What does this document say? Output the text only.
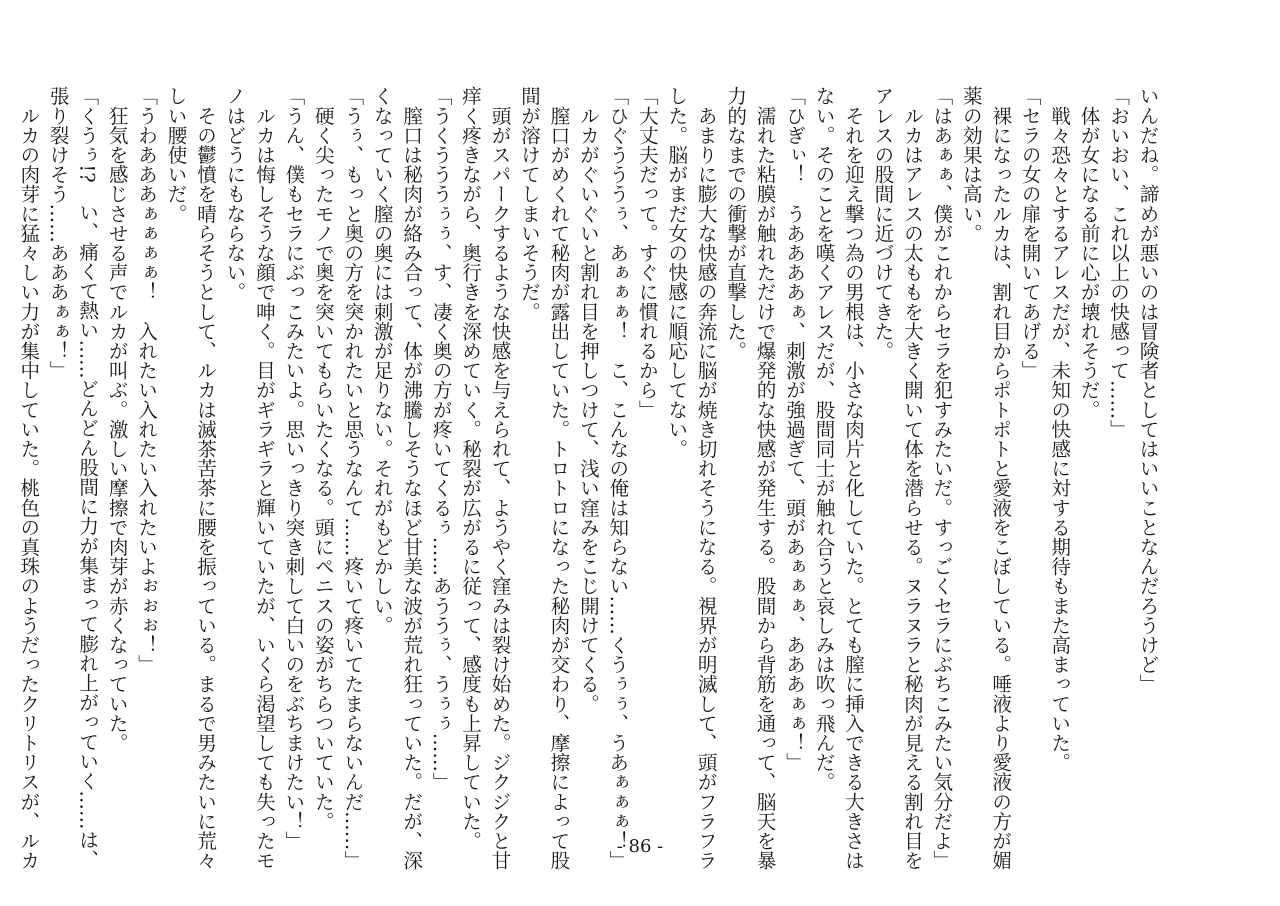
いんだね。諦めが悪いのは冒険者としてはいいことなんだろうけど」
「おいおい、これ以上の快感って……」
　体が女になる前に心が壊れそうだ。
　戦々恐々とするアレスだが、未知の快感に対する期待もまた高まっていた。
「セラの女の扉を開いてあげる」
　裸になったルカは、割れ目からポトポトと愛液をこぼしている。唾液より愛液の方が媚
薬の効果は高い。
「はあぁぁ、僕がこれからセラを犯すみたいだ。すっごくセラにぶちこみたい気分だよ」
　ルカはアレスの太ももを大きく開いて体を潜らせる。ヌラヌラと秘肉が見える割れ目を
アレスの股間に近づけてきた。
　それを迎え撃つ為の男根は、小さな肉片と化していた。とても膣に挿入できる大きさは
ない。そのことを嘆くアレスだが、股間同士が触れ合うと哀しみは吹っ飛んだ。
「ひぎぃ！　うああああぁ、刺激が強過ぎて、頭があぁぁぁ、あああぁぁ！」
　濡れた粘膜が触れただけで爆発的な快感が発生する。股間から背筋を通って、脳天を暴
力的なまでの衝撃が直撃した。
　あまりに膨大な快感の奔流に脳が焼き切れそうになる。視界が明滅して、頭がフラフラ
した。脳がまだ女の快感に順応してない。
「大丈夫だって。すぐに慣れるから」
「ひぐうううぅ、あぁぁぁ！　こ、こんなの俺は知らない……くうぅぅ、うあぁぁぁ！」
　ルカがぐいぐいと割れ目を押しつけて、浅い窪みをこじ開けてくる。
　膣口がめくれて秘肉が露出していた。トロトロになった秘肉が交わり、摩擦によって股
間が溶けてしまいそうだ。
　頭がスパークするような快感を与えられて、ようやく窪みは裂け始めた。ジクジクと甘
痒く疼きながら、奥行きを深めていく。秘裂が広がるに従って、感度も上昇していた。
「うくうううぅぅ、す、凄く奥の方が疼いてくるぅ……あううぅ、うぅぅ……」
　膣口は秘肉が絡み合って、体が沸騰しそうなほど甘美な波が荒れ狂っていた。だが、深
くなっていく膣の奥には刺激が足りない。それがもどかしい。
「うぅ、もっと奥の方を突かれたいと思うなんて……疼いて疼いてたまらないんだ……」
　硬く尖ったモノで奥を突いてもらいたくなる。頭にペニスの姿がちらついていた。
「うん、僕もセラにぶっこみたいよ。思いっきり突き刺して白いのをぶちまけたい！」
　ルカは悔しそうな顔で呻く。目がギラギラと輝いていたが、いくら渇望しても失ったモ
ノはどうにもならない。
　その鬱憤を晴らそうとして、ルカは滅茶苦茶に腰を振っている。まるで男みたいに荒々
しい腰使いだ。
「うわあああぁぁぁぁ！　入れたい入れたい入れたいよぉぉぉ！」
　狂気を感じさせる声でルカが叫ぶ。激しい摩擦で肉芽が赤くなっていた。
「くうぅ!?　い、痛くて熱い……どんどん股間に力が集まって膨れ上がっていく……は、
張り裂けそう……あああぁぁ！」
　ルカの肉芽に猛々しい力が集中していた。桃色の真珠のようだったクリトリスが、ルカ	- 86 -
